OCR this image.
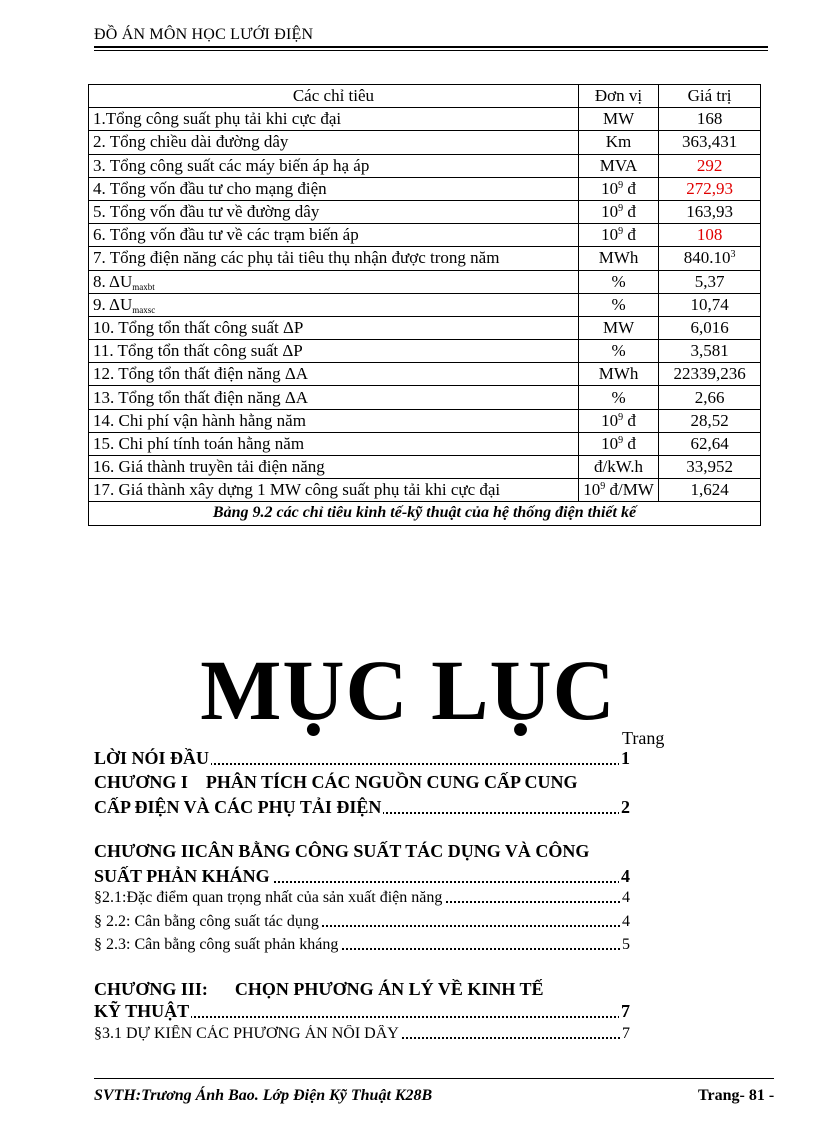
ĐỒ ÁN MÔN HỌC LƯỚI ĐIỆN
Các chỉ tiêu	Đơn vị	Giá trị
1.Tổng công suất phụ tải khi cực đại	MW	168
2. Tổng chiều dài đường dây	Km	363,431
3. Tổng công suất các máy biến áp hạ áp	MVA	292
4. Tổng vốn đầu tư cho mạng điện	$10^9$ đ	272,93
5. Tổng vốn đầu tư về đường dây	$10^9$ đ	163,93
6. Tổng vốn đầu tư về các trạm biến áp	$10^9$ đ	108
7. Tổng điện năng các phụ tải tiêu thụ nhận được trong năm	MWh	840.10$^3$
8. $\Delta U_{maxbt}$	%	5,37
9. $\Delta U_{maxsc}$	%	10,74
10. Tổng tổn thất công suất ΔP	MW	6,016
11. Tổng tổn thất công suất ΔP	%	3,581
12. Tổng tổn thất điện năng ΔA	MWh	22339,236
13. Tổng tổn thất điện năng ΔA	%	2,66
14. Chi phí vận hành hằng năm	$10^9$ đ	28,52
15. Chi phí tính toán hằng năm	$10^9$ đ	62,64
16. Giá thành truyền tải điện năng	đ/kW.h	33,952
17. Giá thành xây dựng 1 MW công suất phụ tải khi cực đại	$10^9$ đ/MW	1,624
Bảng 9.2 các chỉ tiêu kinh tế-kỹ thuật của hệ thống điện thiết kế		
MỤC LỤC Trang
LỜI NÓI ĐẦU	1
CHƯƠNG I    PHÂN TÍCH CÁC NGUỒN CUNG CẤP CUNG
CẤP ĐIỆN VÀ CÁC PHỤ TẢI ĐIỆN	2
CHƯƠNG IICÂN BẰNG CÔNG SUẤT TÁC DỤNG VÀ CÔNG
SUẤT PHẢN KHÁNG	4
§2.1:Đặc điểm quan trọng nhất của sản xuất điện năng	4
§ 2.2: Cân bằng công suất tác dụng	4
§ 2.3: Cân bằng công suất phản kháng	5
CHƯƠNG III:      CHỌN PHƯƠNG ÁN LÝ VỀ KINH TẾ
KỸ THUẬT	7
§3.1 DỰ KIẾN CÁC PHƯƠNG ÁN NỐI DÂY	7
SVTH:Trương Ánh Bao. Lớp Điện Kỹ Thuật K28B	Trang- 81 -
